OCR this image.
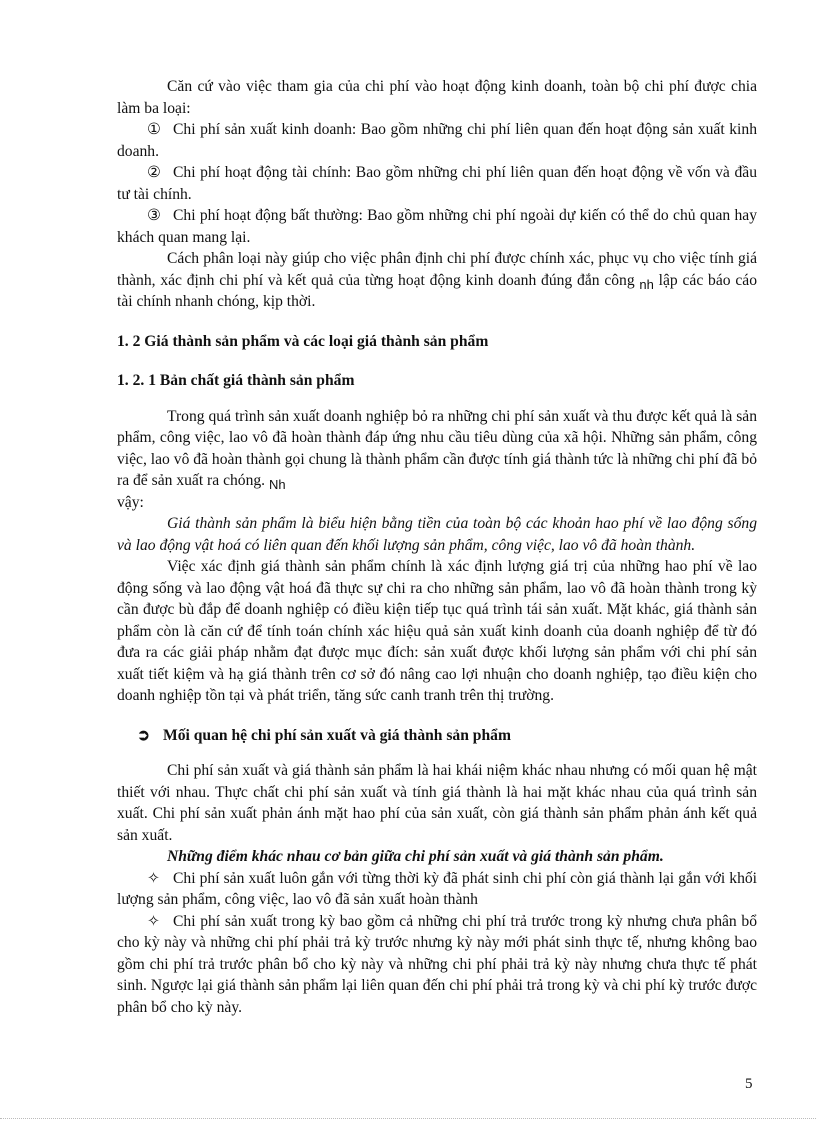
Căn cứ vào việc tham gia của chi phí vào hoạt động kinh doanh, toàn bộ chi phí được chia làm ba loại:

① Chi phí sản xuất kinh doanh: Bao gồm những chi phí liên quan đến hoạt động sản xuất kinh doanh.

② Chi phí hoạt động tài chính: Bao gồm những chi phí liên quan đến hoạt động về vốn và đầu tư tài chính.

③ Chi phí hoạt động bất thường: Bao gồm những chi phí ngoài dự kiến có thể do chủ quan hay khách quan mang lại.

Cách phân loại này giúp cho việc phân định chi phí được chính xác, phục vụ cho việc tính giá thành, xác định chi phí và kết quả của từng hoạt động kinh doanh đúng đắn công $_{nh}$ lập các báo cáo tài chính nhanh chóng, kịp thời.

1. 2 Giá thành sản phẩm và các loại giá thành sản phẩm

1. 2. 1 Bản chất giá thành sản phẩm

Trong quá trình sản xuất doanh nghiệp bỏ ra những chi phí sản xuất và thu được kết quả là sản phẩm, công việc, lao vô đã hoàn thành đáp ứng nhu cầu tiêu dùng của xã hội. Những sản phẩm, công việc, lao vô đã hoàn thành gọi chung là thành phẩm cần được tính giá thành tức là những chi phí đã bỏ ra để sản xuất ra chóng. $_{Nh}$
vậy:

Giá thành sản phẩm là biểu hiện bằng tiền của toàn bộ các khoản hao phí về lao động sống và lao động vật hoá có liên quan đến khối lượng sản phẩm, công việc, lao vô đã hoàn thành.

Việc xác định giá thành sản phẩm chính là xác định lượng giá trị của những hao phí về lao động sống và lao động vật hoá đã thực sự chi ra cho những sản phẩm, lao vô đã hoàn thành trong kỳ cần được bù đắp để doanh nghiệp có điều kiện tiếp tục quá trình tái sản xuất. Mặt khác, giá thành sản phẩm còn là căn cứ để tính toán chính xác hiệu quả sản xuất kinh doanh của doanh nghiệp để từ đó đưa ra các giải pháp nhằm đạt được mục đích: sản xuất được khối lượng sản phẩm với chi phí sản xuất tiết kiệm và hạ giá thành trên cơ sở đó nâng cao lợi nhuận cho doanh nghiệp, tạo điều kiện cho doanh nghiệp tồn tại và phát triển, tăng sức canh tranh trên thị trường.

➲ Mối quan hệ chi phí sản xuất và giá thành sản phẩm

Chi phí sản xuất và giá thành sản phẩm là hai khái niệm khác nhau nhưng có mối quan hệ mật thiết với nhau. Thực chất chi phí sản xuất và tính giá thành là hai mặt khác nhau của quá trình sản xuất. Chi phí sản xuất phản ánh mặt hao phí của sản xuất, còn giá thành sản phẩm phản ánh kết quả sản xuất.

Những điểm khác nhau cơ bản giữa chi phí sản xuất và giá thành sản phẩm.

✧ Chi phí sản xuất luôn gắn với từng thời kỳ đã phát sinh chi phí còn giá thành lại gắn với khối lượng sản phẩm, công việc, lao vô đã sản xuất hoàn thành

✧ Chi phí sản xuất trong kỳ bao gồm cả những chi phí trả trước trong kỳ nhưng chưa phân bổ cho kỳ này và những chi phí phải trả kỳ trước nhưng kỳ này mới phát sinh thực tế, nhưng không bao gồm chi phí trả trước phân bổ cho kỳ này và những chi phí phải trả kỳ này nhưng chưa thực tế phát sinh. Ngược lại giá thành sản phẩm lại liên quan đến chi phí phải trả trong kỳ và chi phí kỳ trước được phân bổ cho kỳ này.

5
